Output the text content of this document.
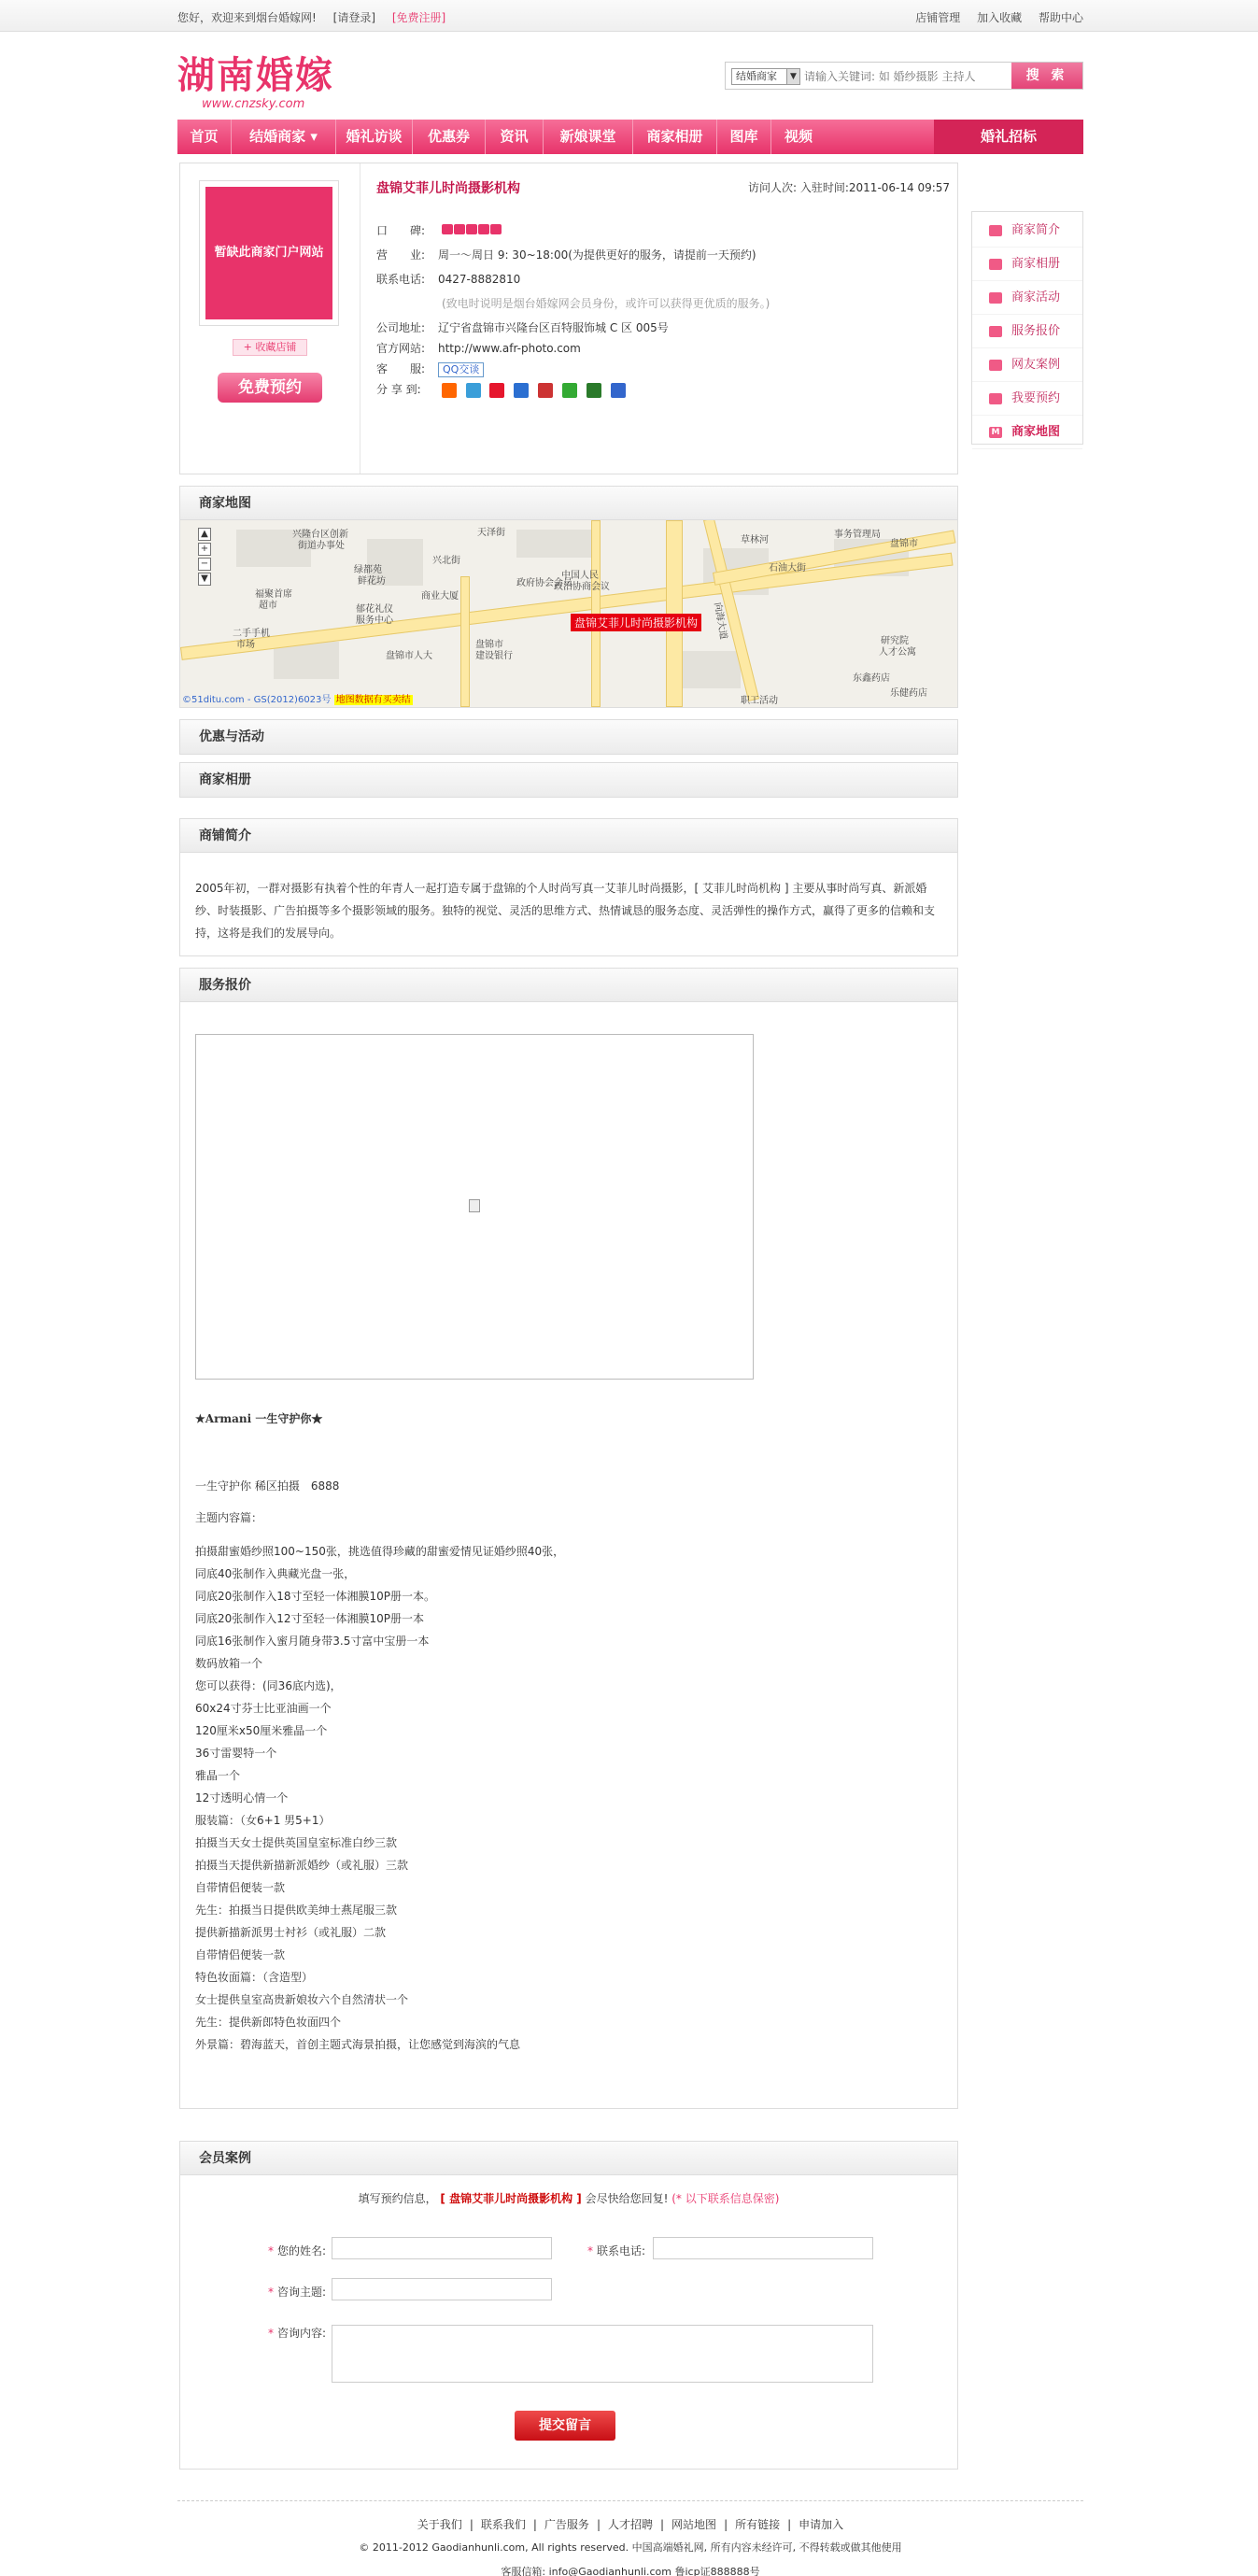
您好，欢迎来到烟台婚嫁网! [请登录] [免费注册]	店铺管理 加入收藏 帮助中心
湖南婚嫁
www.cnzsky.com
结婚商家	▼
请输入关键词: 如 婚纱摄影 主持人	搜 索
首页	结婚商家 ▾	婚礼访谈	优惠券	资讯	新娘课堂	商家相册	图库	视频	婚礼招标
暂缺此商家门户网站
+ 收藏店铺
免费预约
盘锦艾菲儿时尚摄影机构	访问人次: 入驻时间:2011-06-14 09:57
口　　碑:
营　　业: 周一～周日 9: 30~18:00(为提供更好的服务，请提前一天预约)
联系电话: 0427-8882810
(致电时说明是烟台婚嫁网会员身份，或许可以获得更优质的服务。)
公司地址: 辽宁省盘锦市兴隆台区百特服饰城 C 区 005号
官方网站: http://www.afr-photo.com
客　　服: QQ交谈
分 享 到:
商家简介
商家相册
商家活动
服务报价
网友案例
我要预约
M 商家地图
商家地图
兴隆台区创新
街道办事处
绿都苑
鲜花坊
福聚首席
超市
二手手机
市场
商业大厦
郁花礼仪
服务中心
兴北街
天泽街
政府协会会员
中国人民
政治协商会议
盘锦市
建设银行
盘锦市人大
石油大街
向海大道
草林河
事务管理局
盘锦市
研究院
人才公寓
东鑫药店
职工活动
乐健药店
▲
+
−
▼
盘锦艾菲儿时尚摄影机构
©51ditu.com - GS(2012)6023号 地图数据有买卖结
优惠与活动
商家相册
商铺简介
2005年初，一群对摄影有执着个性的年青人一起打造专属于盘锦的个人时尚写真一艾菲儿时尚摄影，[ 艾菲儿时尚机构 ] 主要从事时尚写真、新派婚纱、时装摄影、广告拍摄等多个摄影领域的服务。独特的视觉、灵活的思维方式、热情诚恳的服务态度、灵活弹性的操作方式，赢得了更多的信赖和支持，这将是我们的发展导向。
服务报价

★Armani 一生守护你★

一生守护你 稀区拍摄　6888

主题内容篇：

拍摄甜蜜婚纱照100~150张，挑选值得珍藏的甜蜜爱情见证婚纱照40张，

同底40张制作入典藏光盘一张，

同底20张制作入18寸至轻一体湘膜10P册一本。

同底20张制作入12寸至轻一体湘膜10P册一本

同底16张制作入蜜月随身带3.5寸富中宝册一本

数码放箱一个

您可以获得：(同36底内选)，

60x24寸芬士比亚油画一个

120厘米x50厘米雅晶一个

36寸雷婴特一个

雅晶一个

12寸透明心情一个

服装篇：（女6+1 男5+1）

拍摄当天女士提供英国皇室标准白纱三款

拍摄当天提供新描新派婚纱（或礼服）三款

自带情侣便装一款

先生：拍摄当日提供欧美绅士燕尾服三款

提供新描新派男士衬衫（或礼服）二款

自带情侣便装一款

特色妆面篇：（含造型）

女士提供皇室高贵新娘妆六个自然清状一个

先生：提供新郎特色妆面四个

外景篇：碧海蓝天，首创主题式海景拍摄，让您感觉到海滨的气息

会员案例
填写预约信息， [ 盘锦艾菲儿时尚摄影机构 ] 会尽快给您回复! (* 以下联系信息保密)
* 您的姓名:	* 联系电话:
* 咨询主题:
* 咨询内容:
提交留言
关于我们 | 联系我们 | 广告服务 | 人才招聘 | 网站地图 | 所有链接 | 申请加入

© 2011-2012 Gaodianhunli.com, All rights reserved. 中国高端婚礼网, 所有内容未经许可, 不得转载或做其他使用

客服信箱: info@Gaodianhunli.com 鲁icp证888888号
